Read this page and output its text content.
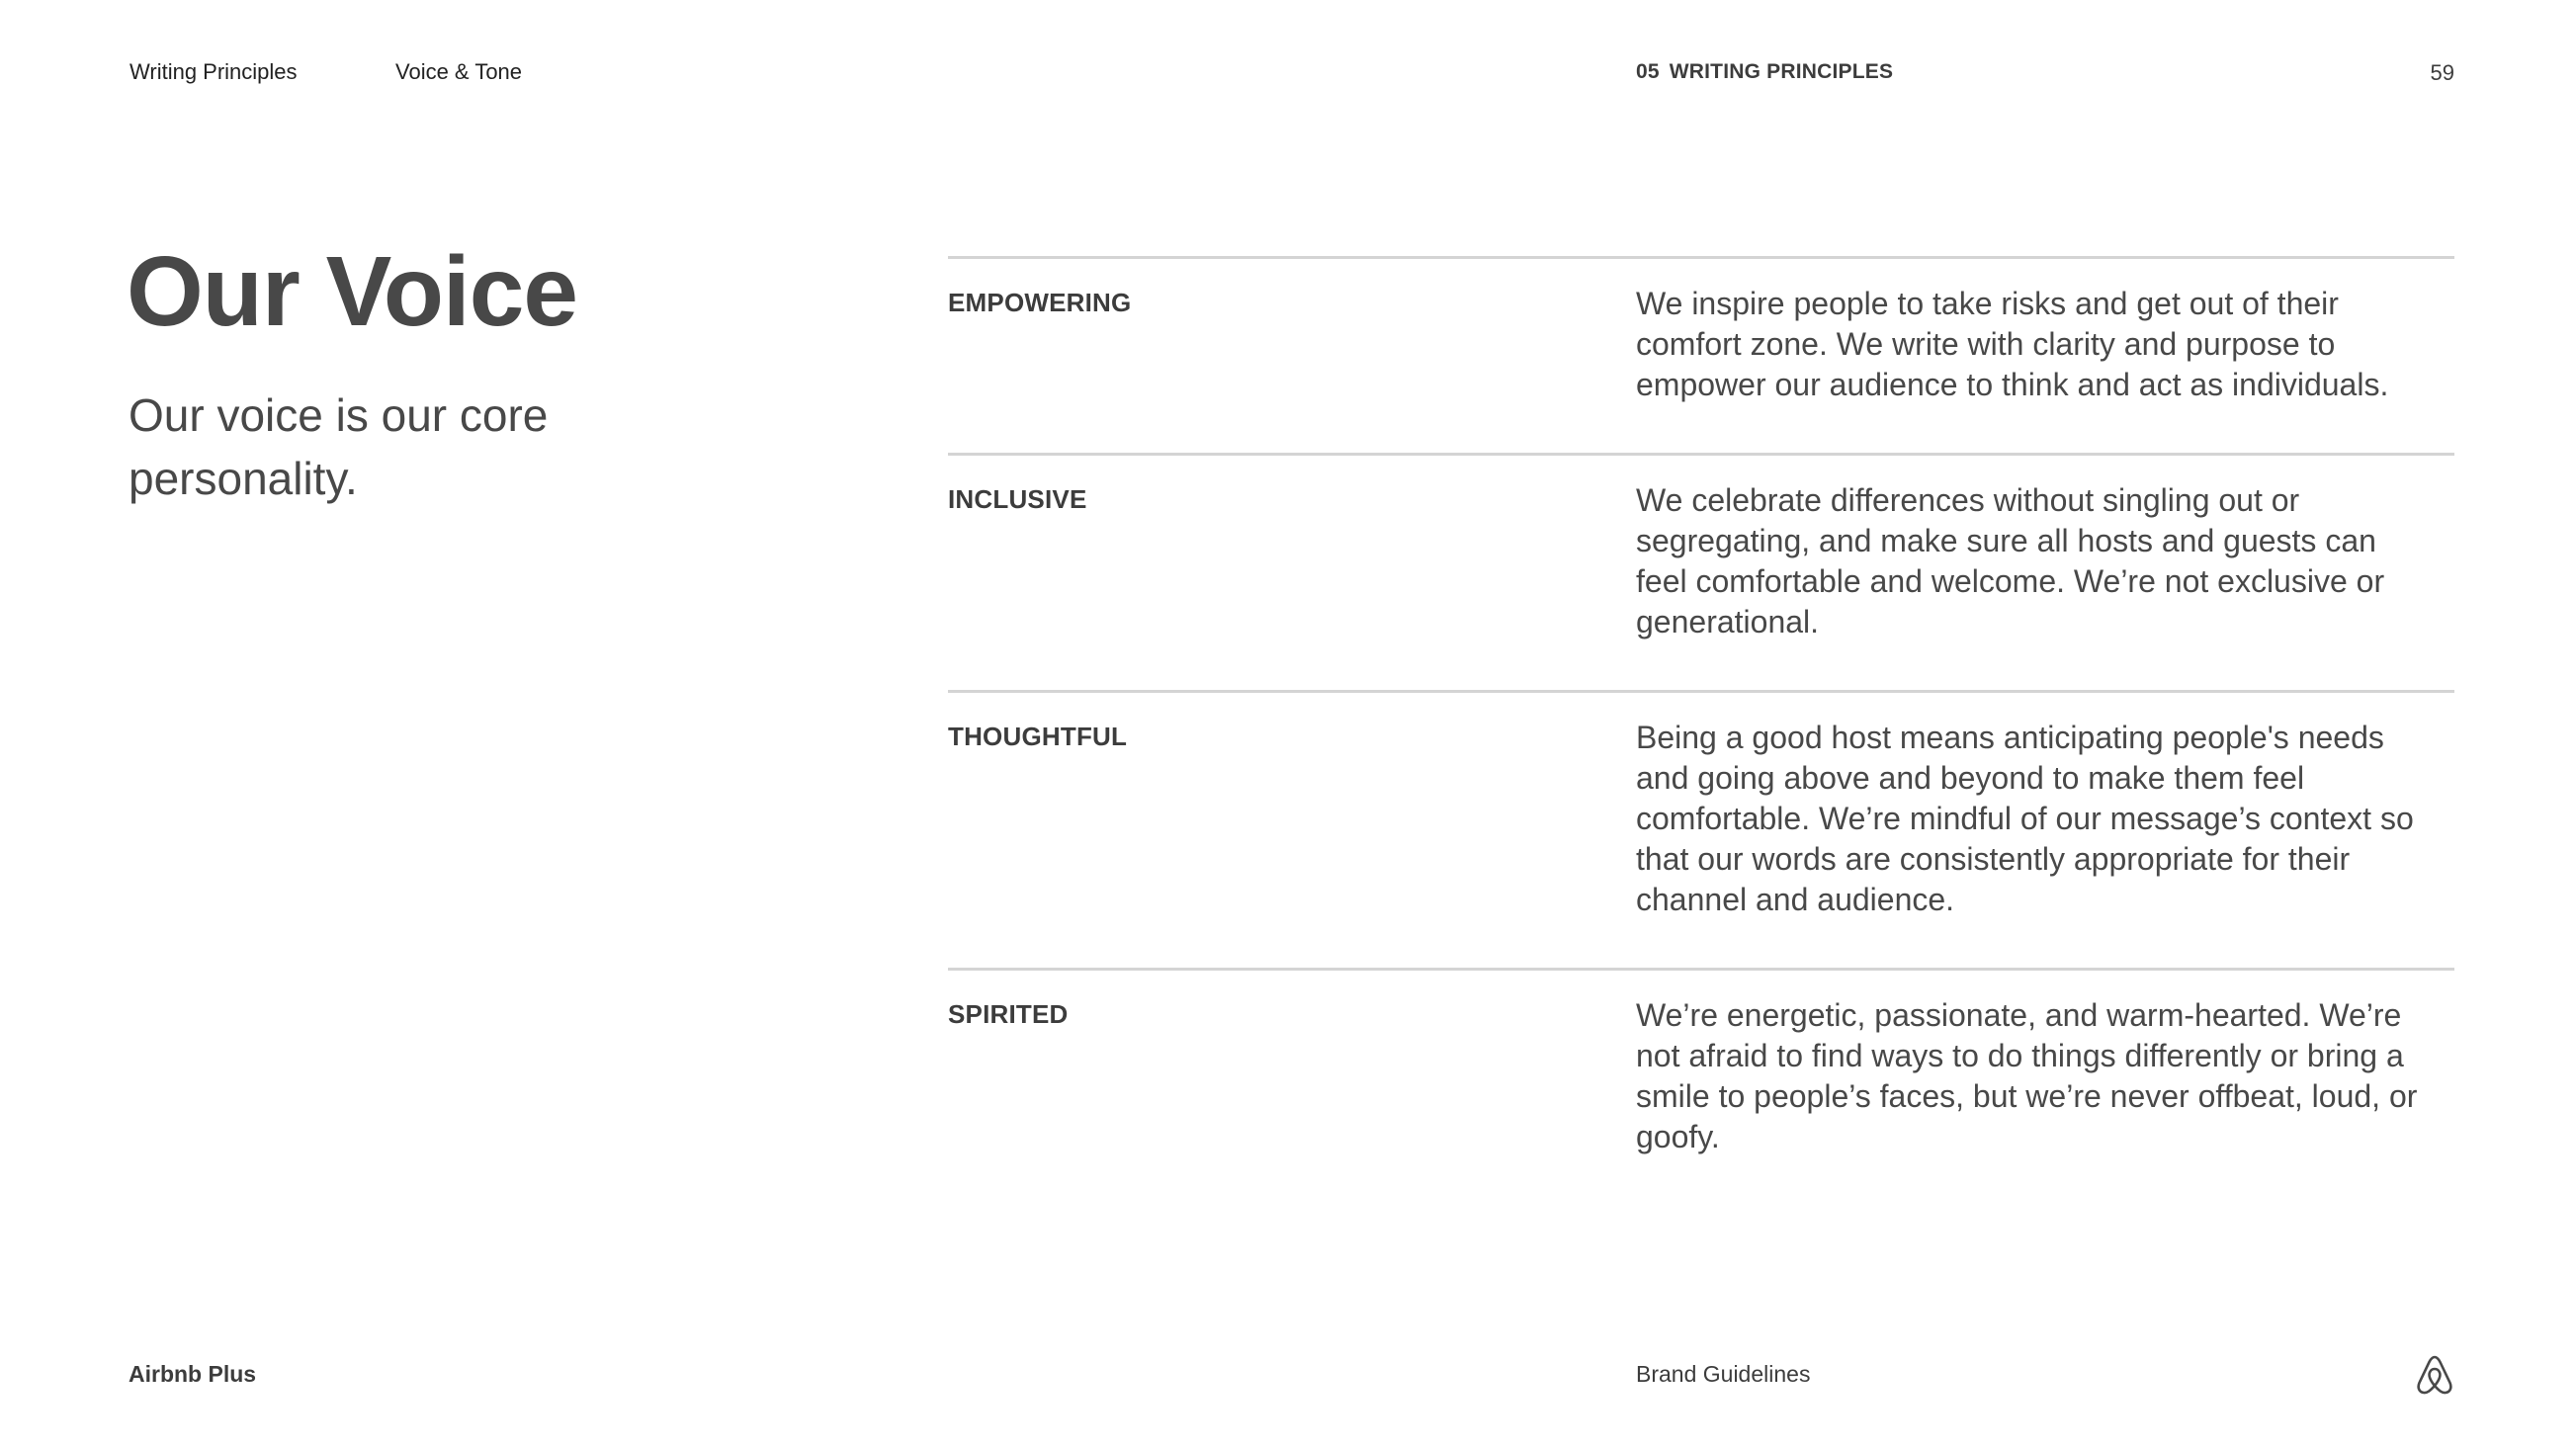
Writing Principles	Voice & Tone	05 WRITING PRINCIPLES	59
Our Voice

Our voice is our core personality.

EMPOWERING	We inspire people to take risks and get out of their comfort zone. We write with clarity and purpose to empower our audience to think and act as individuals.
INCLUSIVE	We celebrate differences without singling out or segregating, and make sure all hosts and guests can feel comfortable and welcome. We’re not exclusive or generational.
THOUGHTFUL	Being a good host means anticipating people's needs and going above and beyond to make them feel comfortable. We’re mindful of our message’s context so that our words are consistently appropriate for their channel and audience.
SPIRITED	We’re energetic, passionate, and warm-hearted. We’re not afraid to find ways to do things differently or bring a smile to people’s faces, but we’re never offbeat, loud, or goofy.
Airbnb Plus	Brand Guidelines
